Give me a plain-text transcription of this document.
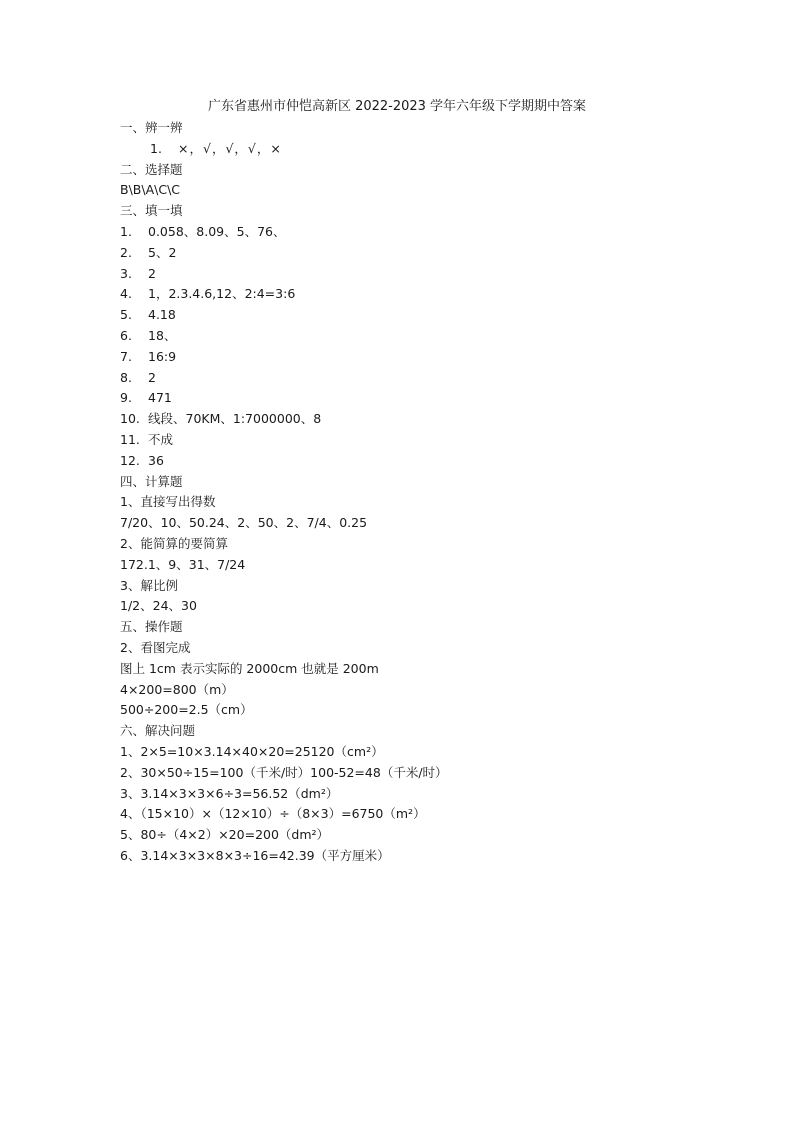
广东省惠州市仲恺高新区 2022-2023 学年六年级下学期期中答案
一、辨一辨
1. ×，√，√，√，×
二、选择题
B\B\A\C\C
三、填一填
1. 0.058、8.09、5、76、
2. 5、2
3. 2
4. 1，2.3.4.6,12、2:4=3:6
5. 4.18
6. 18、
7. 16:9
8. 2
9. 471
10. 线段、70KM、1:7000000、8
11. 不成
12. 36
四、计算题
1、直接写出得数
7/20、10、50.24、2、50、2、7/4、0.25
2、能简算的要简算
172.1、9、31、7/24
3、解比例
1/2、24、30
五、操作题
2、看图完成
图上 1cm 表示实际的 2000cm 也就是 200m
4×200=800（m）
500÷200=2.5（cm）
六、解决问题
1、2×5=10×3.14×40×20=25120（cm²）
2、30×50÷15=100（千米/时）100-52=48（千米/时）
3、3.14×3×3×6÷3=56.52（dm²）
4、（15×10）×（12×10）÷（8×3）=6750（m²）
5、80÷（4×2）×20=200（dm²）
6、3.14×3×3×8×3÷16=42.39（平方厘米）
